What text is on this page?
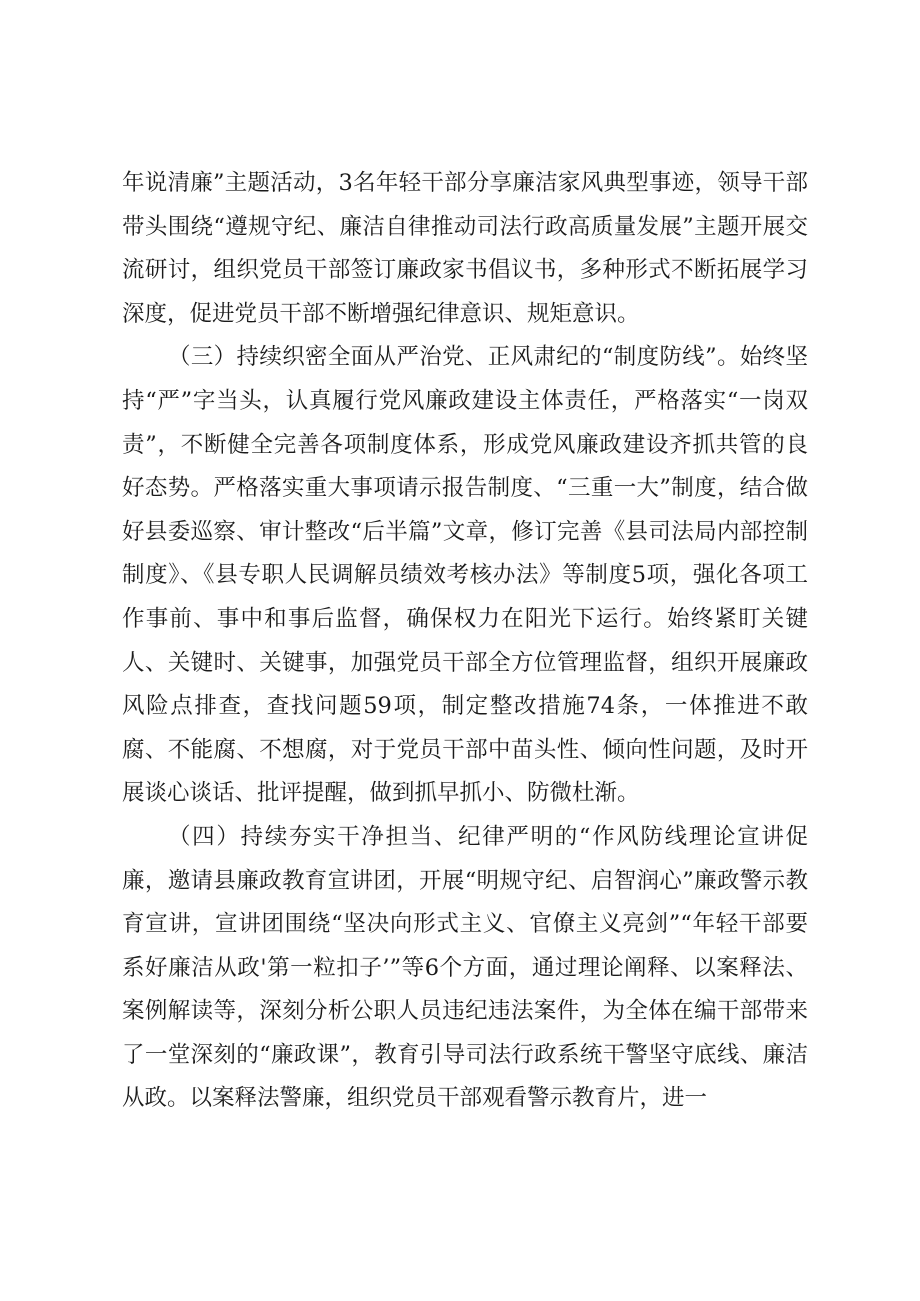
年说清廉”主题活动，3名年轻干部分享廉洁家风典型事迹，领导干部带头围绕“遵规守纪、廉洁自律推动司法行政高质量发展”主题开展交流研讨，组织党员干部签订廉政家书倡议书，多种形式不断拓展学习深度，促进党员干部不断增强纪律意识、规矩意识。

（三）持续织密全面从严治党、正风肃纪的“制度防线”。始终坚持“严”字当头，认真履行党风廉政建设主体责任，严格落实“一岗双责”，不断健全完善各项制度体系，形成党风廉政建设齐抓共管的良好态势。严格落实重大事项请示报告制度、“三重一大”制度，结合做好县委巡察、审计整改“后半篇”文章，修订完善《县司法局内部控制制度》、《县专职人民调解员绩效考核办法》等制度5项，强化各项工作事前、事中和事后监督，确保权力在阳光下运行。始终紧盯关键人、关键时、关键事，加强党员干部全方位管理监督，组织开展廉政风险点排查，查找问题59项，制定整改措施74条，一体推进不敢腐、不能腐、不想腐，对于党员干部中苗头性、倾向性问题，及时开展谈心谈话、批评提醒，做到抓早抓小、防微杜渐。

（四）持续夯实干净担当、纪律严明的“作风防线理论宣讲促廉，邀请县廉政教育宣讲团，开展“明规守纪、启智润心”廉政警示教育宣讲，宣讲团围绕“坚决向形式主义、官僚主义亮剑”“年轻干部要系好廉洁从政'第一粒扣子’”等6个方面，通过理论阐释、以案释法、案例解读等，深刻分析公职人员违纪违法案件，为全体在编干部带来了一堂深刻的“廉政课”，教育引导司法行政系统干警坚守底线、廉洁从政。以案释法警廉，组织党员干部观看警示教育片，进一
